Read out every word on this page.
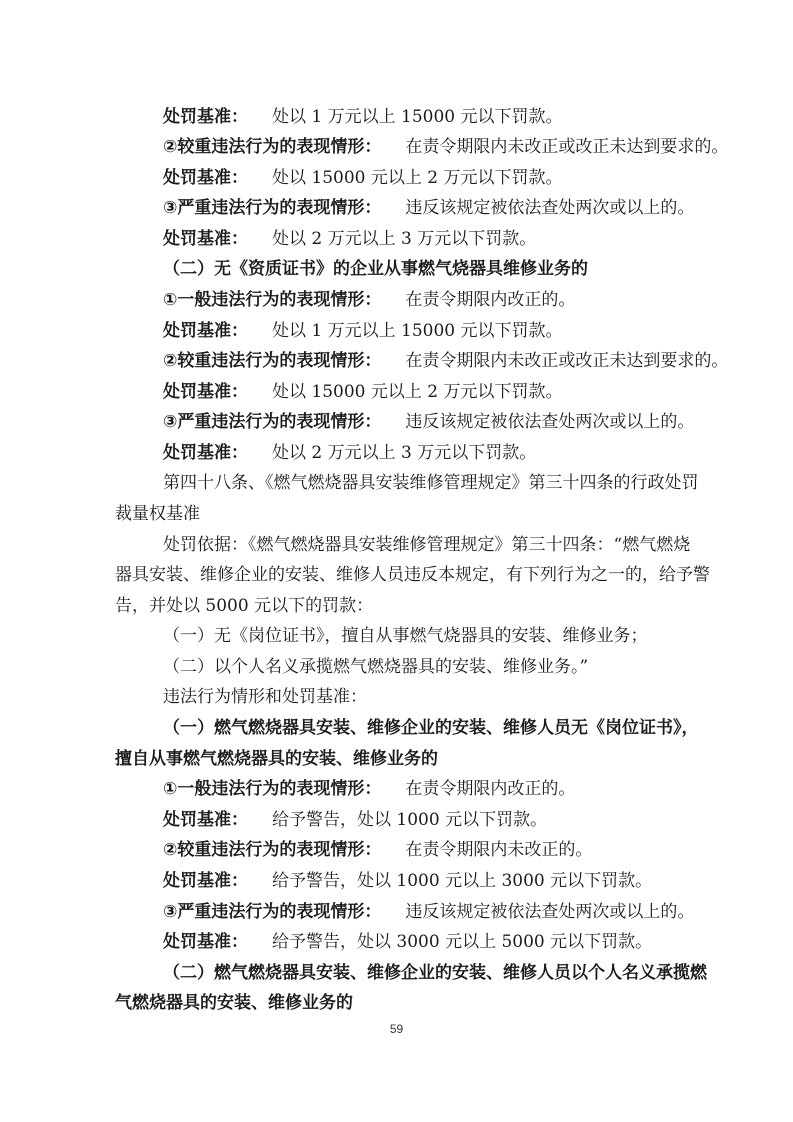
处罚基准： 处以 1 万元以上 15000 元以下罚款。
②较重违法行为的表现情形： 在责令期限内未改正或改正未达到要求的。
处罚基准： 处以 15000 元以上 2 万元以下罚款。
③严重违法行为的表现情形： 违反该规定被依法查处两次或以上的。
处罚基准： 处以 2 万元以上 3 万元以下罚款。
（二）无《资质证书》的企业从事燃气烧器具维修业务的
①一般违法行为的表现情形： 在责令期限内改正的。
处罚基准： 处以 1 万元以上 15000 元以下罚款。
②较重违法行为的表现情形： 在责令期限内未改正或改正未达到要求的。
处罚基准： 处以 15000 元以上 2 万元以下罚款。
③严重违法行为的表现情形： 违反该规定被依法查处两次或以上的。
处罚基准： 处以 2 万元以上 3 万元以下罚款。
第四十八条、《燃气燃烧器具安装维修管理规定》第三十四条的行政处罚
裁量权基准
处罚依据：《燃气燃烧器具安装维修管理规定》第三十四条：“燃气燃烧
器具安装、维修企业的安装、维修人员违反本规定，有下列行为之一的，给予警
告，并处以 5000 元以下的罚款：
（一）无《岗位证书》，擅自从事燃气烧器具的安装、维修业务；
（二）以个人名义承揽燃气燃烧器具的安装、维修业务。”
违法行为情形和处罚基准：
（一）燃气燃烧器具安装、维修企业的安装、维修人员无《岗位证书》，
擅自从事燃气燃烧器具的安装、维修业务的
①一般违法行为的表现情形： 在责令期限内改正的。
处罚基准： 给予警告，处以 1000 元以下罚款。
②较重违法行为的表现情形： 在责令期限内未改正的。
处罚基准： 给予警告，处以 1000 元以上 3000 元以下罚款。
③严重违法行为的表现情形： 违反该规定被依法查处两次或以上的。
处罚基准： 给予警告，处以 3000 元以上 5000 元以下罚款。
（二）燃气燃烧器具安装、维修企业的安装、维修人员以个人名义承揽燃
气燃烧器具的安装、维修业务的
59
